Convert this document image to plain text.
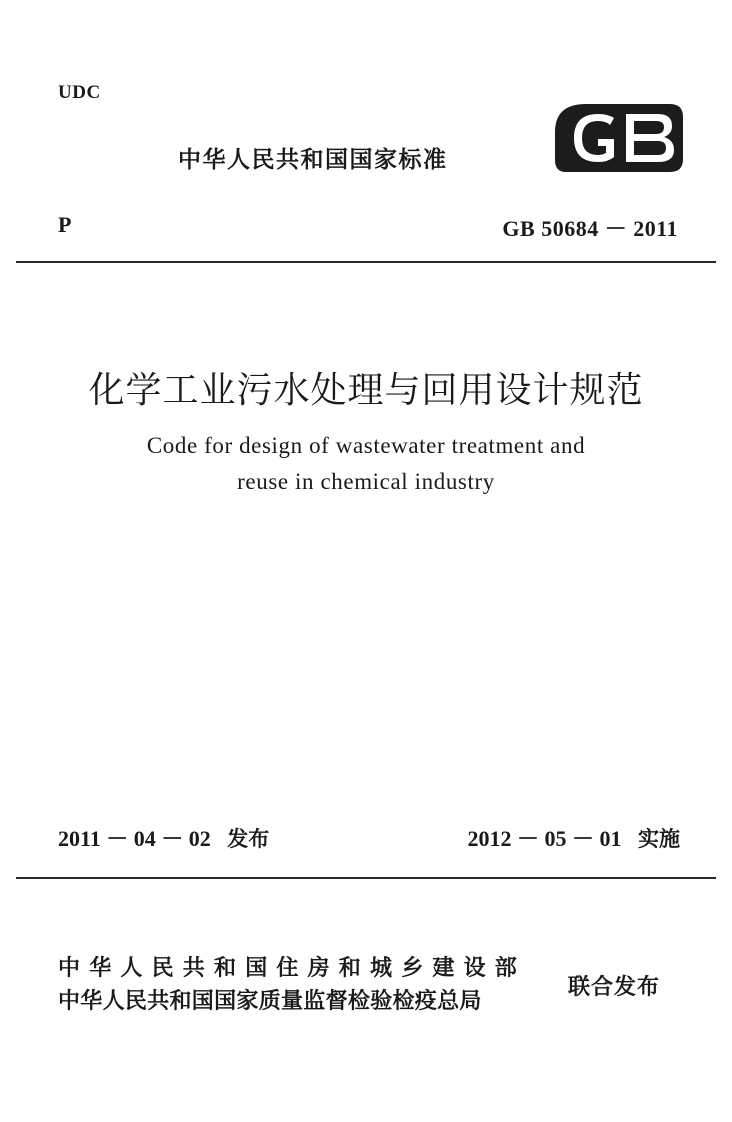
UDC
中华人民共和国国家标准
P	GB 50684 － 2011
化学工业污水处理与回用设计规范
Code for design of wastewater treatment and
reuse in chemical industry
2011 － 04 － 02 发布	2012 － 05 － 01 实施
中华人民共和国住房和城乡建设部
中华人民共和国国家质量监督检验检疫总局
联合发布
